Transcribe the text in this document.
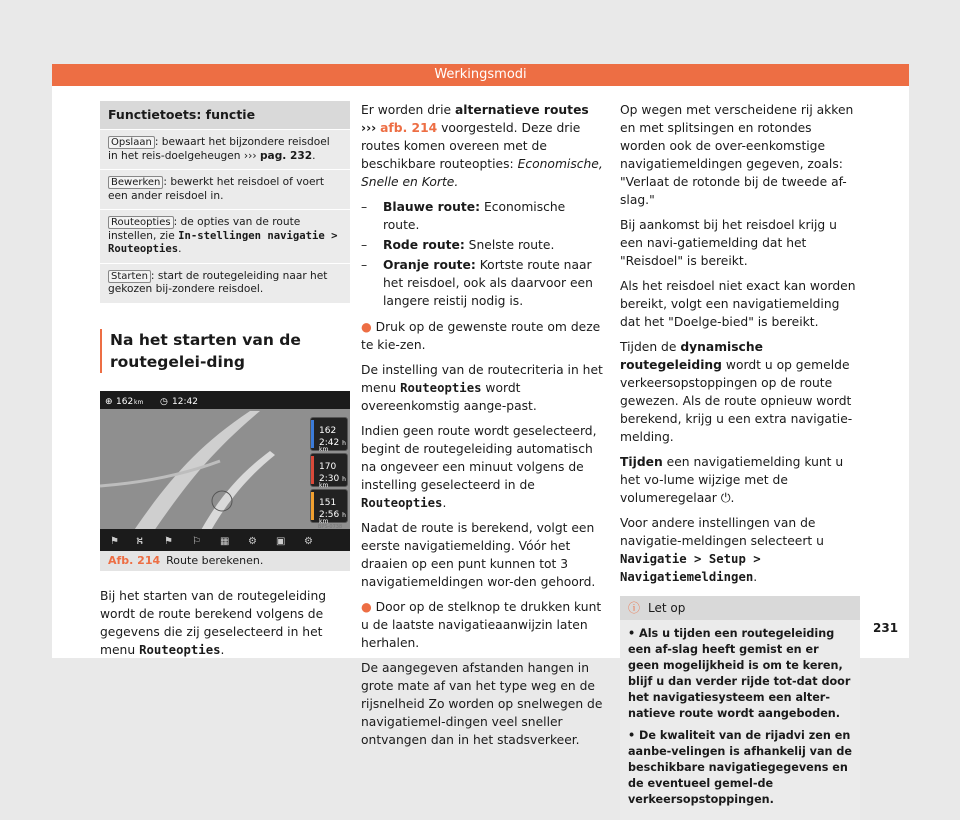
Werkingsmodi
Functietoets: functie
Opslaan : bewaart het bijzondere reisdoel in het reis-doelgeheugen ››› pag. 232.
Bewerken : bewerkt het reisdoel of voert een ander reisdoel in.
Routeopties : de opties van de route instellen, zie In-stellingen navigatie > Routeopties.
Starten : start de routegeleiding naar het gekozen bij-zondere reisdoel.
Na het starten van de routegelei-ding
⊕ 162 km ◷ 12:42
⚑ ⛕ ⚑ ⚐ ▦ ⚙ ▣ ⚙
BPS-0738
162 km
2:42 h
170 km
2:30 h
151 km
2:56 h
Afb. 214 Route berekenen.

Bij het starten van de routegeleiding wordt de route berekend volgens de gegevens die zij geselecteerd in het menu Routeopties.

Er worden drie alternatieve routes ››› afb. 214 voorgesteld. Deze drie routes komen overeen met de beschikbare routeopties: Economische, Snelle en Korte.

–	Blauwe route: Economische route.
–	Rode route: Snelste route.
–	Oranje route: Kortste route naar het reisdoel, ook als daarvoor een langere reistij nodig is.

● Druk op de gewenste route om deze te kie-zen.

De instelling van de routecriteria in het menu Routeopties wordt overeenkomstig aange-past.

Indien geen route wordt geselecteerd, begint de routegeleiding automatisch na ongeveer een minuut volgens de instelling geselecteerd in de Routeopties.

Nadat de route is berekend, volgt een eerste navigatiemelding. Vóór het draaien op een punt kunnen tot 3 navigatiemeldingen wor-den gehoord.

● Door op de stelknop te drukken kunt u de laatste navigatieaanwijzin laten herhalen.

De aangegeven afstanden hangen in grote mate af van het type weg en de rijsnelheid Zo worden op snelwegen de navigatiemel-dingen veel sneller ontvangen dan in het stadsverkeer.

Op wegen met verscheidene rij akken en met splitsingen en rotondes worden ook de over-eenkomstige navigatiemeldingen gegeven, zoals: "Verlaat de rotonde bij de tweede af-slag."

Bij aankomst bij het reisdoel krijg u een navi-gatiemelding dat het "Reisdoel" is bereikt.

Als het reisdoel niet exact kan worden bereikt, volgt een navigatiemelding dat het "Doelge-bied" is bereikt.

Tijden de dynamische routegeleiding wordt u op gemelde verkeersopstoppingen op de route gewezen. Als de route opnieuw wordt berekend, krijg u een extra navigatie-melding.

Tijden een navigatiemelding kunt u het vo-lume wijzige met de volumeregelaar ⏻.

Voor andere instellingen van de navigatie-meldingen selecteert u Navigatie > Setup > Navigatiemeldingen.

ⓘ Let op

• Als u tijden een routegeleiding een af-slag heeft gemist en er geen mogelijkheid is om te keren, blijf u dan verder rijde tot-dat door het navigatiesysteem een alter-natieve route wordt aangeboden.

• De kwaliteit van de rijadvi zen en aanbe-velingen is afhankelij van de beschikbare navigatiegegevens en de eventueel gemel-de verkeersopstoppingen.

231
